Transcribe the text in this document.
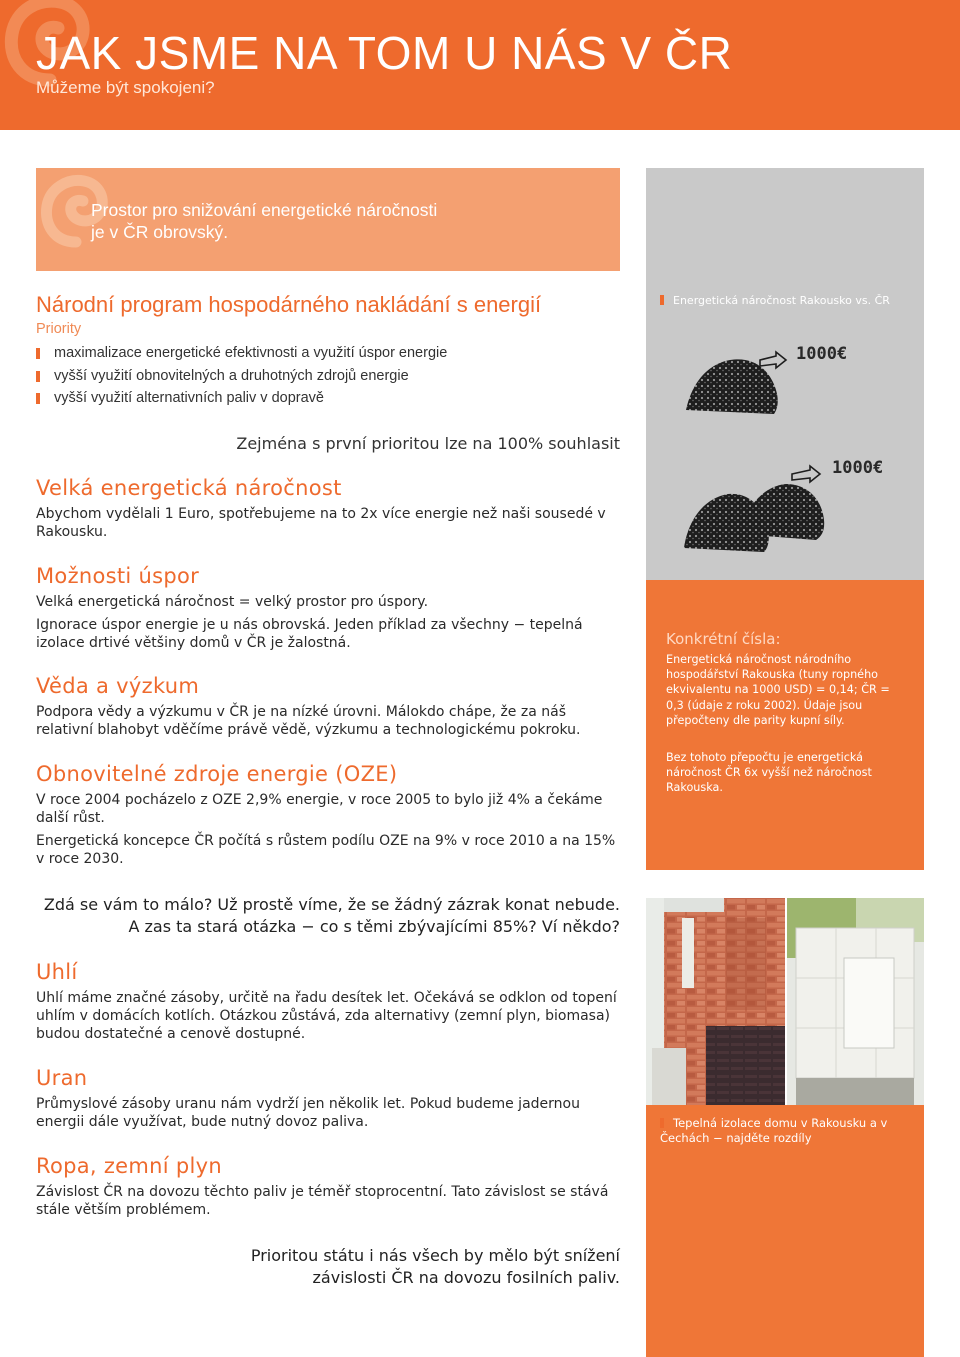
JAK JSME NA TOM U NÁS V ČR
Můžeme být spokojeni?

Prostor pro snižování energetické náročnosti
je v ČR obrovský.

Národní program hospodárného nakládání s energií
Priority
maximalizace energetické efektivnosti a využití úspor energie
vyšší využití obnovitelných a druhotných zdrojů energie
vyšší využití alternativních paliv v dopravě
Zejména s první prioritou lze na 100% souhlasit
Velká energetická náročnost

Abychom vydělali 1 Euro, spotřebujeme na to 2x více energie než naši sousedé v Rakousku.

Možnosti úspor

Velká energetická náročnost = velký prostor pro úspory.

Ignorace úspor energie je u nás obrovská. Jeden příklad za všechny − tepelná izolace drtivé většiny domů v ČR je žalostná.

Věda a výzkum

Podpora vědy a výzkumu v ČR je na nízké úrovni. Málokdo chápe, že za náš relativní blahobyt vděčíme právě vědě, výzkumu a technologickému pokroku.

Obnovitelné zdroje energie (OZE)

V roce 2004 pocházelo z OZE 2,9% energie, v roce 2005 to bylo již 4% a čekáme další růst.

Energetická koncepce ČR počítá s růstem podílu OZE na 9% v roce 2010 a na 15% v roce 2030.

Zdá se vám to málo? Už prostě víme, že se žádný zázrak konat nebude.
A zas ta stará otázka − co s těmi zbývajícími 85%? Ví někdo?
Uhlí

Uhlí máme značné zásoby, určitě na řadu desítek let. Očekává se odklon od topení uhlím v domácích kotlích. Otázkou zůstává, zda alternativy (zemní plyn, biomasa) budou dostatečné a cenově dostupné.

Uran

Průmyslové zásoby uranu nám vydrží jen několik let. Pokud budeme jadernou energii dále využívat, bude nutný dovoz paliva.

Ropa, zemní plyn

Závislost ČR na dovozu těchto paliv je téměř stoprocentní. Tato závislost se stává stále větším problémem.

Prioritou státu i nás všech by mělo být snížení
závislosti ČR na dovozu fosilních paliv.
Energetická náročnost Rakousko vs. ČR
1000€
1000€
Konkrétní čísla:

Energetická náročnost národního hospodářství Rakouska (tuny ropného ekvivalentu na 1000 USD) = 0,14; ČR = 0,3 (údaje z roku 2002). Údaje jsou přepočteny dle parity kupní síly.

Bez tohoto přepočtu je energetická náročnost ČR 6x vyšší než náročnost Rakouska.

Tepelná izolace domu v Rakousku a v Čechách − najděte rozdíly
